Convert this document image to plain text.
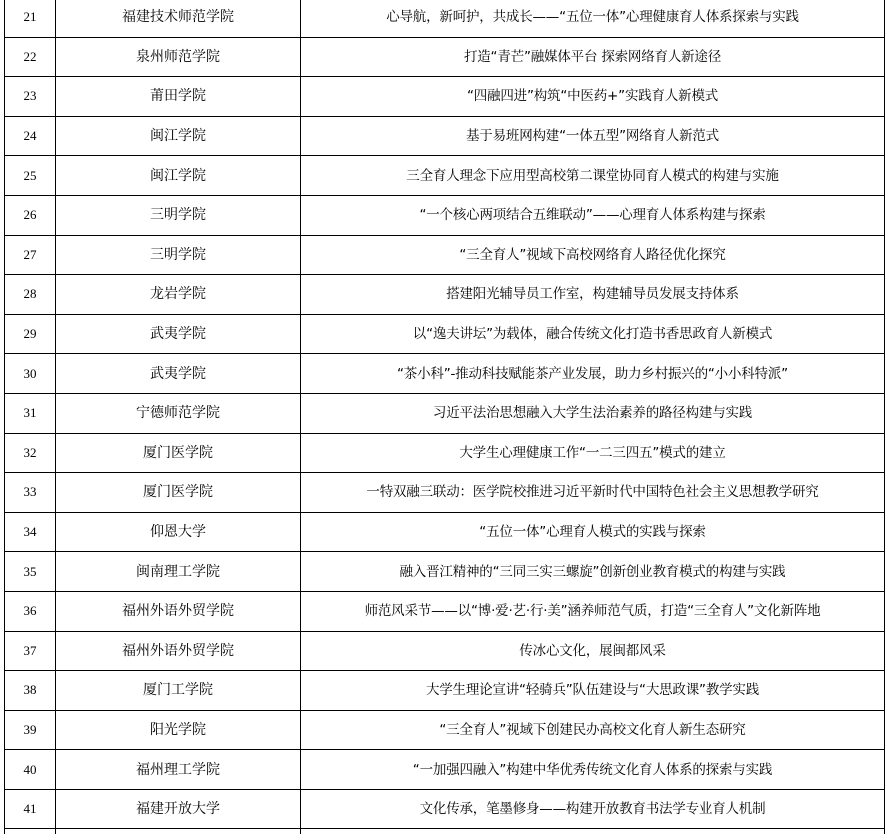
21	福建技术师范学院	心导航，新呵护，共成长——“五位一体”心理健康育人体系探索与实践
22	泉州师范学院	打造“青芒”融媒体平台 探索网络育人新途径
23	莆田学院	“四融四进”构筑“中医药+”实践育人新模式
24	闽江学院	基于易班网构建“一体五型”网络育人新范式
25	闽江学院	三全育人理念下应用型高校第二课堂协同育人模式的构建与实施
26	三明学院	“一个核心两项结合五维联动”——心理育人体系构建与探索
27	三明学院	“三全育人”视域下高校网络育人路径优化探究
28	龙岩学院	搭建阳光辅导员工作室，构建辅导员发展支持体系
29	武夷学院	以“逸夫讲坛”为载体，融合传统文化打造书香思政育人新模式
30	武夷学院	“茶小科”-推动科技赋能茶产业发展，助力乡村振兴的“小小科特派”
31	宁德师范学院	习近平法治思想融入大学生法治素养的路径构建与实践
32	厦门医学院	大学生心理健康工作“一二三四五”模式的建立
33	厦门医学院	一特双融三联动：医学院校推进习近平新时代中国特色社会主义思想教学研究
34	仰恩大学	“五位一体”心理育人模式的实践与探索
35	闽南理工学院	融入晋江精神的“三同三实三螺旋”创新创业教育模式的构建与实践
36	福州外语外贸学院	师范风采节——以“博·爱·艺·行·美”涵养师范气质，打造“三全育人”文化新阵地
37	福州外语外贸学院	传冰心文化，展闽都风采
38	厦门工学院	大学生理论宣讲“轻骑兵”队伍建设与“大思政课”教学实践
39	阳光学院	“三全育人”视域下创建民办高校文化育人新生态研究
40	福州理工学院	“一加强四融入”构建中华优秀传统文化育人体系的探索与实践
41	福建开放大学	文化传承，笔墨修身——构建开放教育书法学专业育人机制
